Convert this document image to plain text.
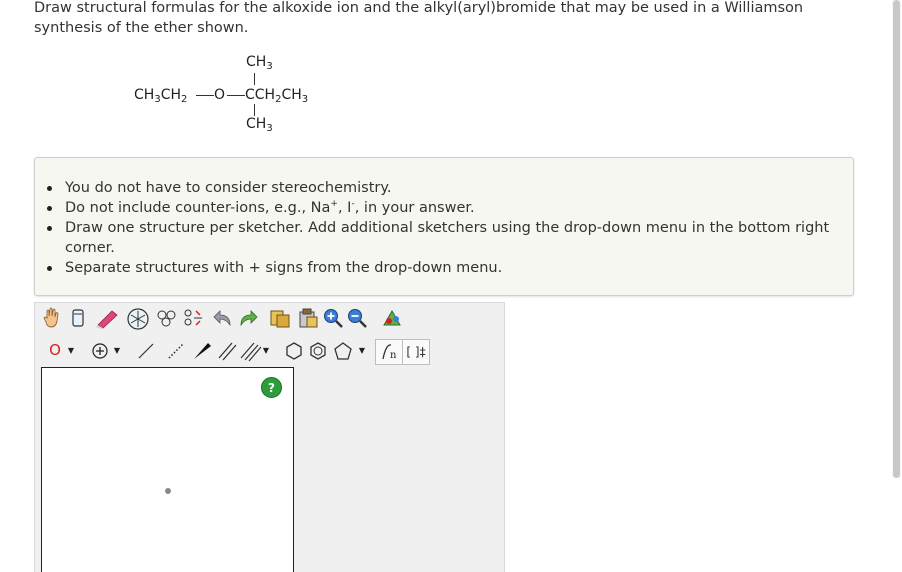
Draw structural formulas for the alkoxide ion and the alkyl(aryl)bromide that may be used in a Williamson synthesis of the ether shown.
$CH_3$
$CH_3CH_2$ O $CCH_2CH_3$
$CH_3$
You do not have to consider stereochemistry.
Do not include counter-ions, e.g., Na+, I-, in your answer.
Draw one structure per sketcher. Add additional sketchers using the drop-down menu in the bottom right corner.
Separate structures with + signs from the drop-down menu.
O ▼	▼	▼	▼ n [ ]‡
?
